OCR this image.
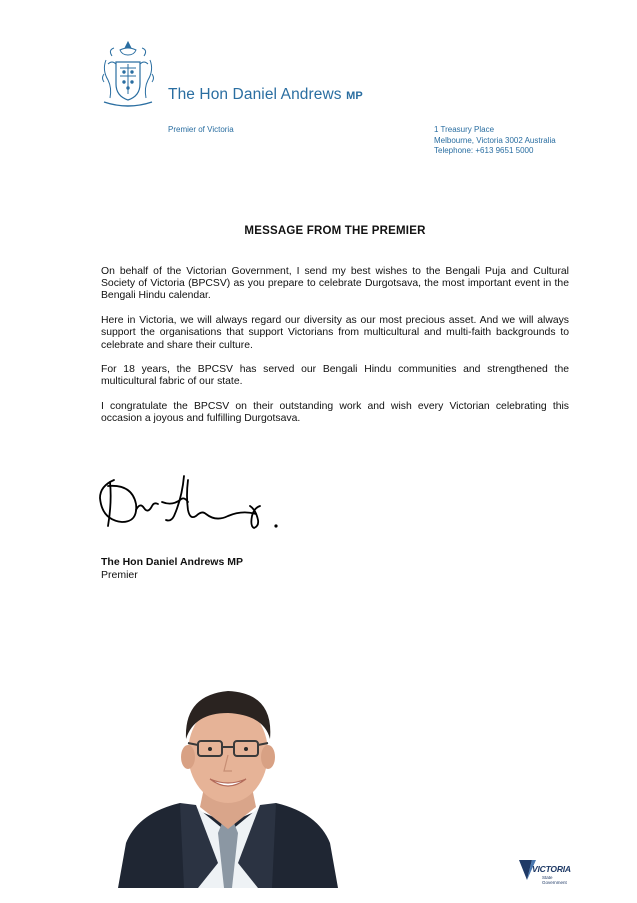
The Hon Daniel Andrews MP
Premier of Victoria	1 Treasury Place
Melbourne, Victoria 3002 Australia
Telephone: +613 9651 5000
MESSAGE FROM THE PREMIER

On behalf of the Victorian Government, I send my best wishes to the Bengali Puja and Cultural Society of Victoria (BPCSV) as you prepare to celebrate Durgotsava, the most important event in the Bengali Hindu calendar.

Here in Victoria, we will always regard our diversity as our most precious asset. And we will always support the organisations that support Victorians from multicultural and multi-faith backgrounds to celebrate and share their culture.

For 18 years, the BPCSV has served our Bengali Hindu communities and strengthened the multicultural fabric of our state.

I congratulate the BPCSV on their outstanding work and wish every Victorian celebrating this occasion a joyous and fulfilling Durgotsava.

The Hon Daniel Andrews MP
Premier
VICTORIA
State
Government
